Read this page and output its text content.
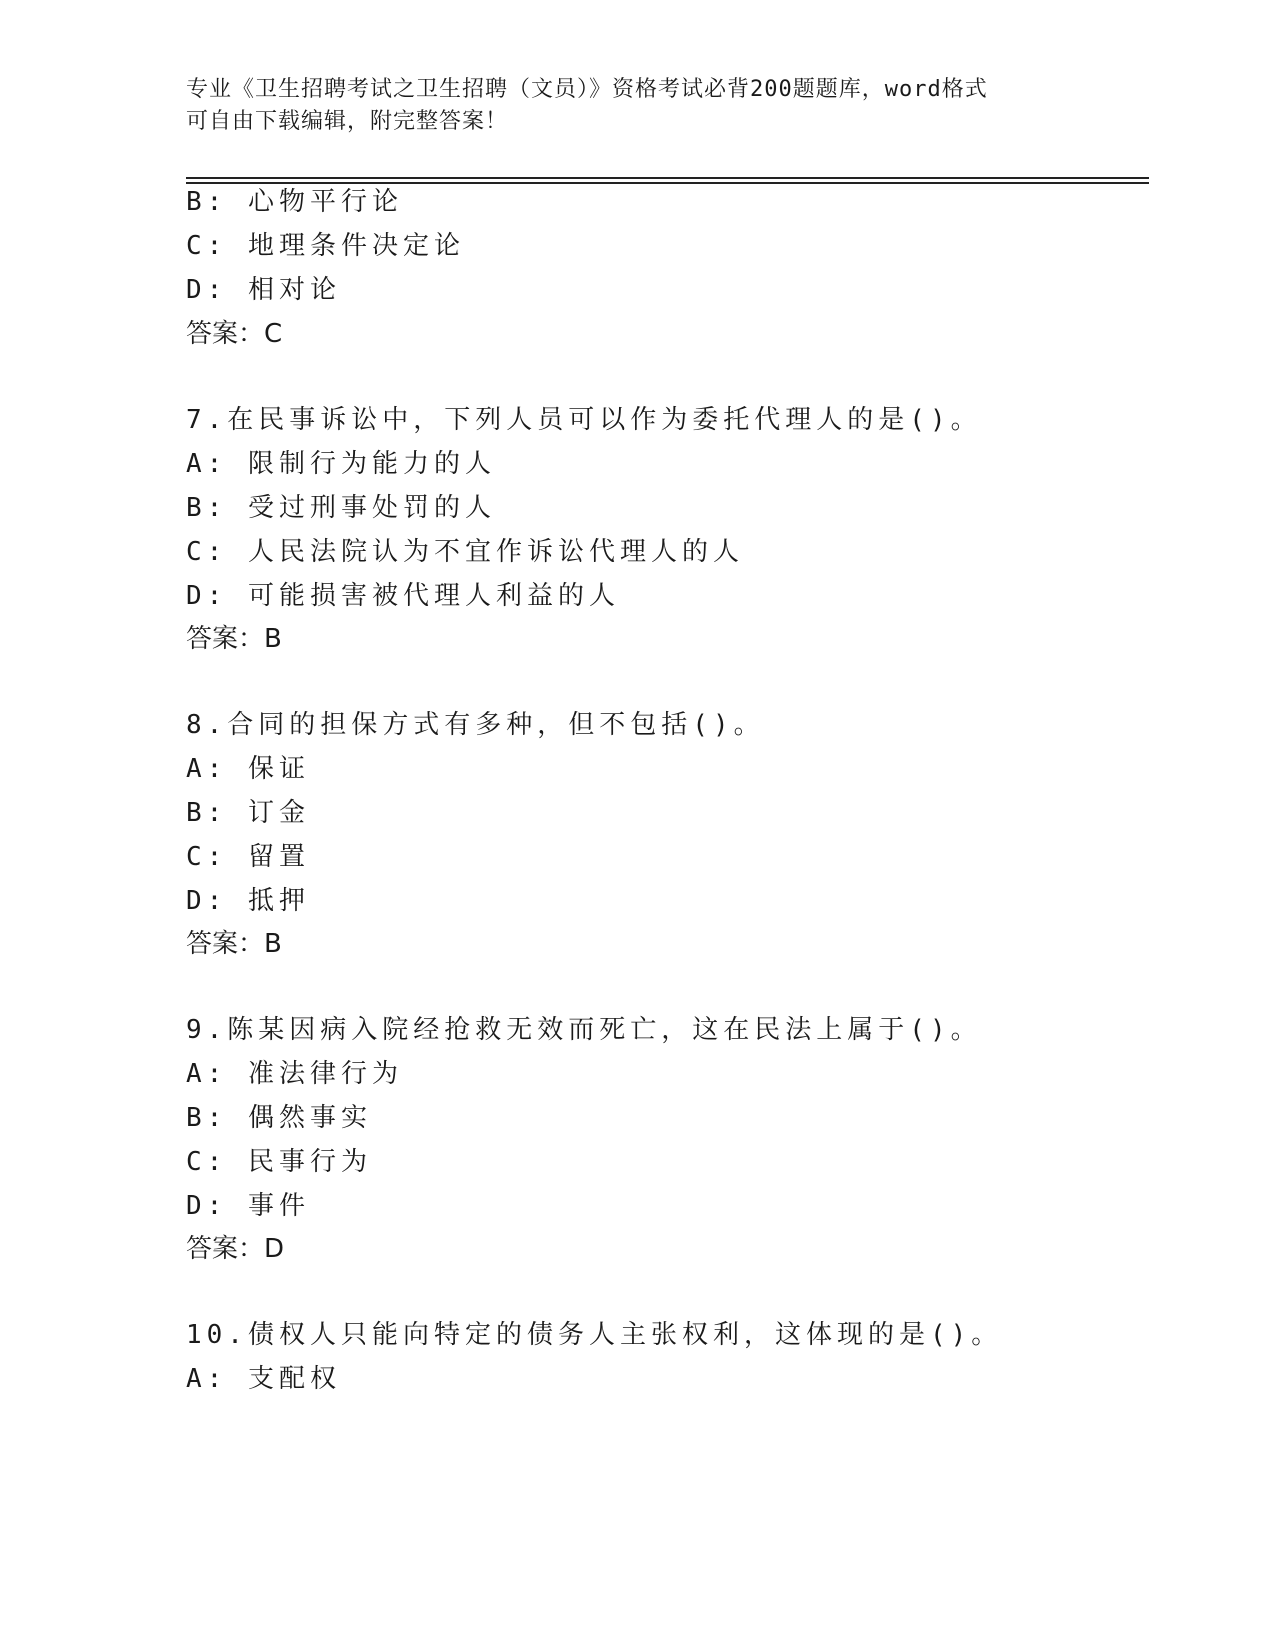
专业《卫生招聘考试之卫生招聘（文员）》资格考试必背200题题库，word格式
可自由下载编辑，附完整答案！
B: 心物平行论
C: 地理条件决定论
D: 相对论
答案：C
7.在民事诉讼中，下列人员可以作为委托代理人的是()。
A: 限制行为能力的人
B: 受过刑事处罚的人
C: 人民法院认为不宜作诉讼代理人的人
D: 可能损害被代理人利益的人
答案：B
8.合同的担保方式有多种，但不包括()。
A: 保证
B: 订金
C: 留置
D: 抵押
答案：B
9.陈某因病入院经抢救无效而死亡，这在民法上属于()。
A: 准法律行为
B: 偶然事实
C: 民事行为
D: 事件
答案：D
10.债权人只能向特定的债务人主张权利，这体现的是()。
A: 支配权
